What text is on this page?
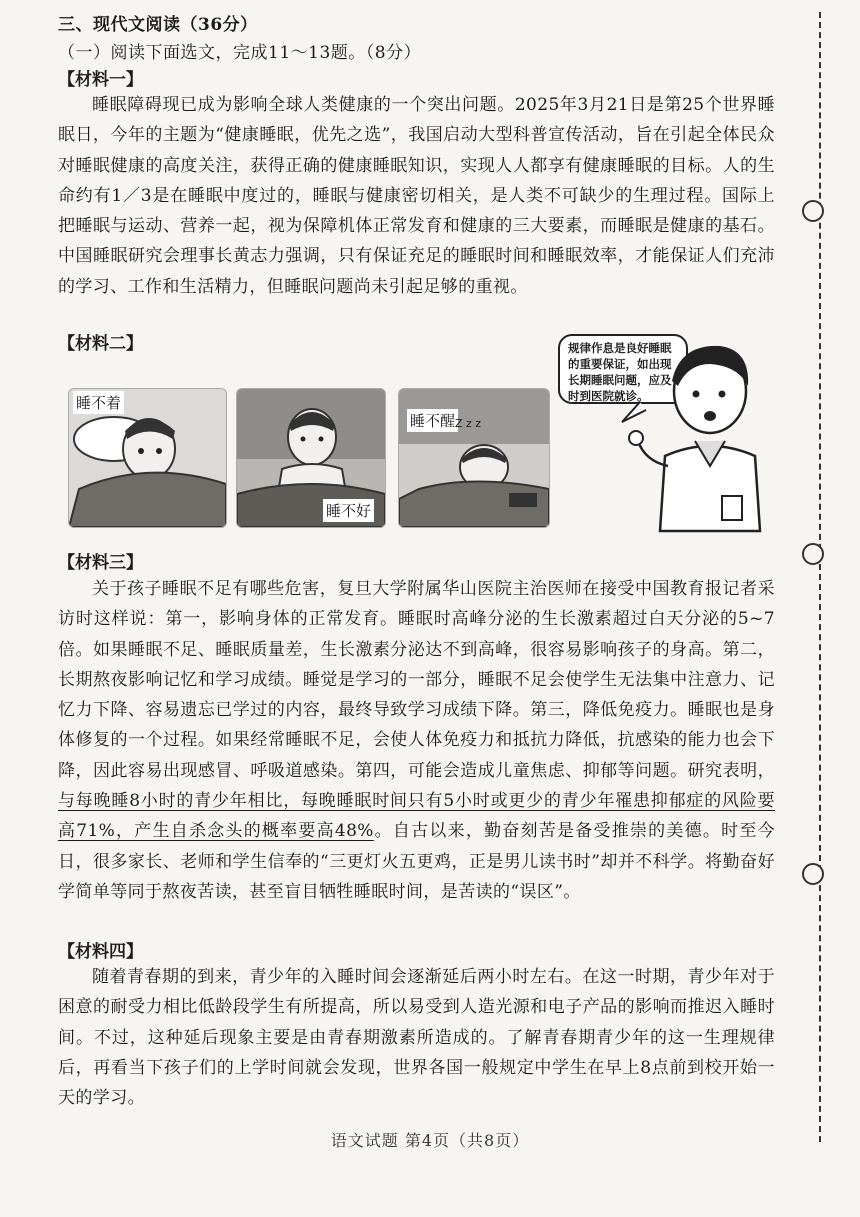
三、现代文阅读（36分）
（一）阅读下面选文，完成11～13题。（8分）
【材料一】
睡眠障碍现已成为影响全球人类健康的一个突出问题。2025年3月21日是第25个世界睡眠日，今年的主题为“健康睡眠，优先之选”，我国启动大型科普宣传活动，旨在引起全体民众对睡眠健康的高度关注，获得正确的健康睡眠知识，实现人人都享有健康睡眠的目标。人的生命约有1／3是在睡眠中度过的，睡眠与健康密切相关，是人类不可缺少的生理过程。国际上把睡眠与运动、营养一起，视为保障机体正常发育和健康的三大要素，而睡眠是健康的基石。中国睡眠研究会理事长黄志力强调，只有保证充足的睡眠时间和睡眠效率，才能保证人们充沛的学习、工作和生活精力，但睡眠问题尚未引起足够的重视。
【材料二】
睡不着
睡不好
睡不醒 Z z z
规律作息是良好睡眠的重要保证，如出现长期睡眠问题，应及时到医院就诊。
【材料三】
关于孩子睡眠不足有哪些危害，复旦大学附属华山医院主治医师在接受中国教育报记者采访时这样说：第一，影响身体的正常发育。睡眠时高峰分泌的生长激素超过白天分泌的5~7倍。如果睡眠不足、睡眠质量差，生长激素分泌达不到高峰，很容易影响孩子的身高。第二，长期熬夜影响记忆和学习成绩。睡觉是学习的一部分，睡眠不足会使学生无法集中注意力、记忆力下降、容易遗忘已学过的内容，最终导致学习成绩下降。第三，降低免疫力。睡眠也是身体修复的一个过程。如果经常睡眠不足，会使人体免疫力和抵抗力降低，抗感染的能力也会下降，因此容易出现感冒、呼吸道感染。第四，可能会造成儿童焦虑、抑郁等问题。研究表明，与每晚睡8小时的青少年相比，每晚睡眠时间只有5小时或更少的青少年罹患抑郁症的风险要高71%，产生自杀念头的概率要高48%。自古以来，勤奋刻苦是备受推崇的美德。时至今日，很多家长、老师和学生信奉的“三更灯火五更鸡，正是男儿读书时”却并不科学。将勤奋好学简单等同于熬夜苦读，甚至盲目牺牲睡眠时间，是苦读的“误区”。
【材料四】
随着青春期的到来，青少年的入睡时间会逐渐延后两小时左右。在这一时期，青少年对于困意的耐受力相比低龄段学生有所提高，所以易受到人造光源和电子产品的影响而推迟入睡时间。不过，这种延后现象主要是由青春期激素所造成的。了解青春期青少年的这一生理规律后，再看当下孩子们的上学时间就会发现，世界各国一般规定中学生在早上8点前到校开始一天的学习。
语文试题 第4页（共8页）
